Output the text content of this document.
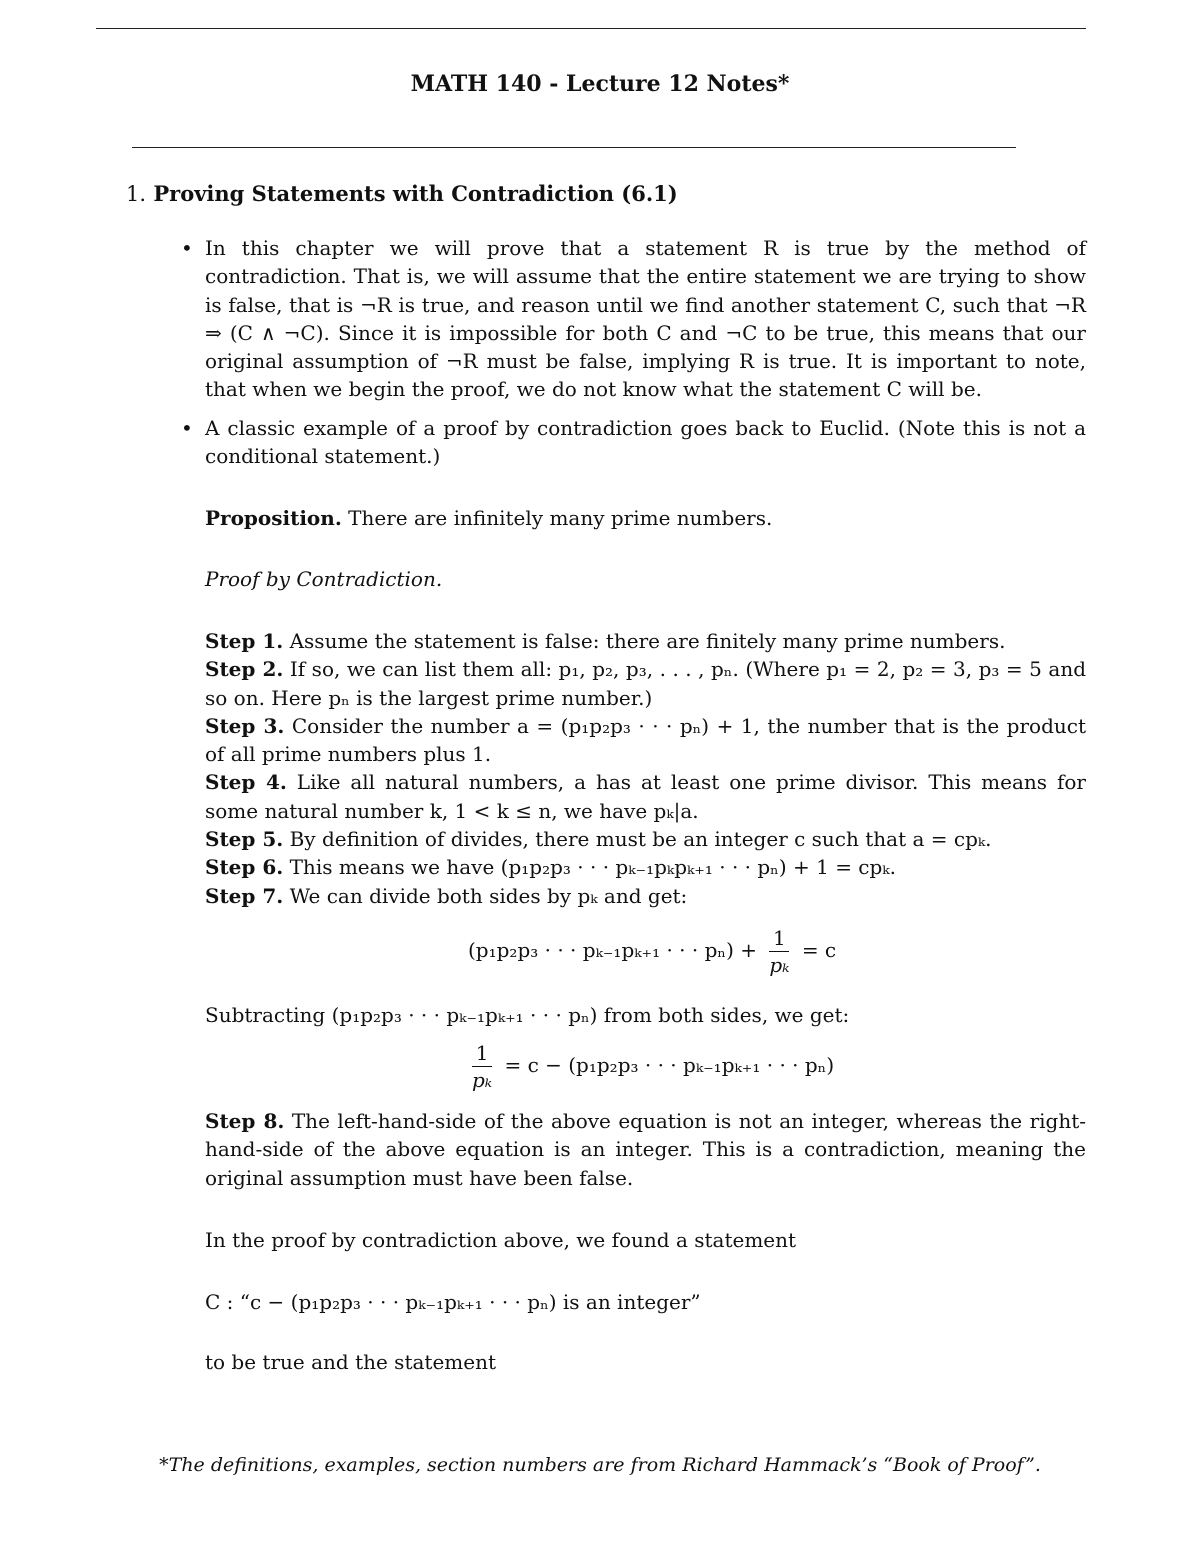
MATH 140 - Lecture 12 Notes*
1. Proving Statements with Contradiction (6.1)
• In this chapter we will prove that a statement R is true by the method of contradiction. That is, we will assume that the entire statement we are trying to show is false, that is ¬R is true, and reason until we find another statement C, such that ¬R ⇒ (C ∧ ¬C). Since it is impossible for both C and ¬C to be true, this means that our original assumption of ¬R must be false, implying R is true. It is important to note, that when we begin the proof, we do not know what the statement C will be.
• A classic example of a proof by contradiction goes back to Euclid. (Note this is not a conditional statement.)
Proposition. There are infinitely many prime numbers.
Proof by Contradiction.
Step 1. Assume the statement is false: there are finitely many prime numbers.
Step 2. If so, we can list them all: p₁, p₂, p₃, . . . , pₙ. (Where p₁ = 2, p₂ = 3, p₃ = 5 and so on. Here pₙ is the largest prime number.)
Step 3. Consider the number a = (p₁p₂p₃ · · · pₙ) + 1, the number that is the product of all prime numbers plus 1.
Step 4. Like all natural numbers, a has at least one prime divisor. This means for some natural number k, 1 < k ≤ n, we have pₖ|a.
Step 5. By definition of divides, there must be an integer c such that a = cpₖ.
Step 6. This means we have (p₁p₂p₃ · · · pₖ₋₁pₖpₖ₊₁ · · · pₙ) + 1 = cpₖ.
Step 7. We can divide both sides by pₖ and get:
(p₁p₂p₃ · · · pₖ₋₁pₖ₊₁ · · · $p_n) + \frac{1}{\text{pₖ}} = c$
Subtracting (p₁p₂p₃ · · · pₖ₋₁pₖ₊₁ · · · pₙ) from both sides, we get:
$\frac{1}{\text{pₖ}} = c - (p_1p_2p_3$ · · · pₖ₋₁pₖ₊₁ · · · pₙ)
Step 8. The left-hand-side of the above equation is not an integer, whereas the right-hand-side of the above equation is an integer. This is a contradiction, meaning the original assumption must have been false.
In the proof by contradiction above, we found a statement
C : “c − (p₁p₂p₃ · · · pₖ₋₁pₖ₊₁ · · · pₙ) is an integer”
to be true and the statement
*The definitions, examples, section numbers are from Richard Hammack’s “Book of Proof”.
